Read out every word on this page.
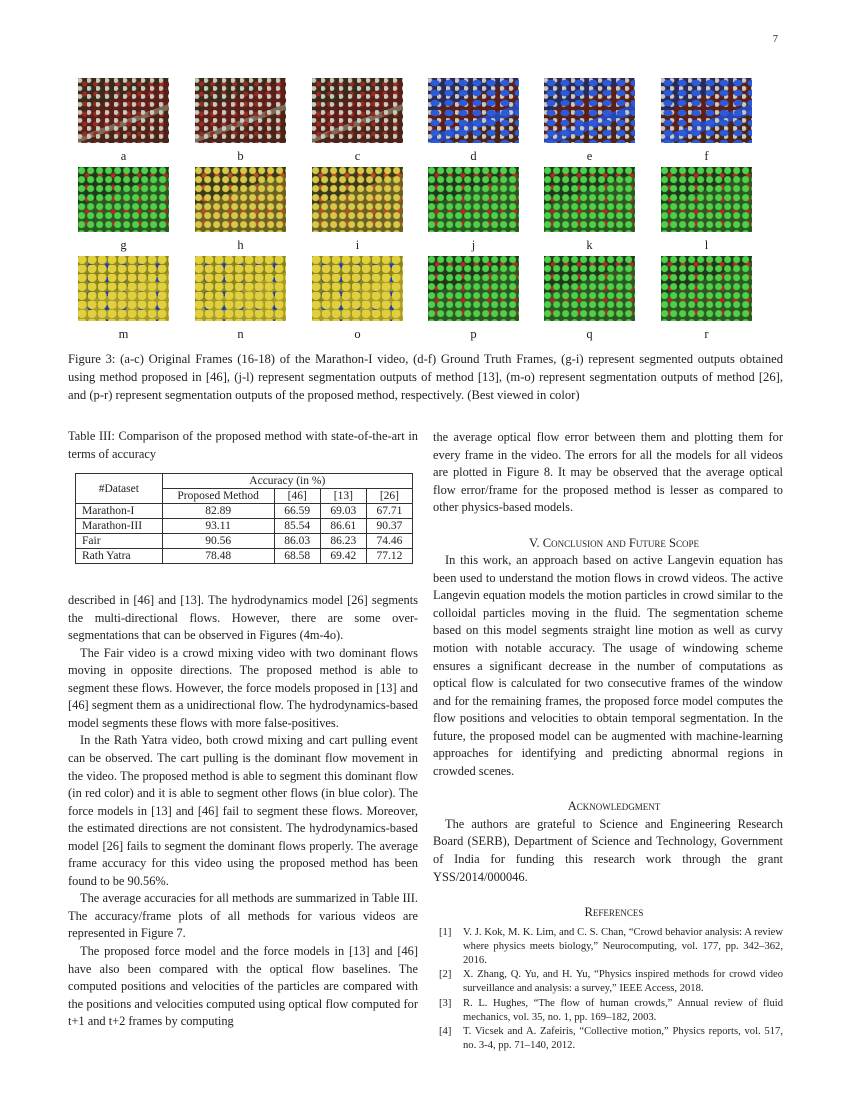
7
a	b	c	d	e	f
g	h	i	j	k	l
m	n	o	p	q	r
Figure 3: (a-c) Original Frames (16-18) of the Marathon-I video, (d-f) Ground Truth Frames, (g-i) represent segmented outputs obtained using method proposed in [46], (j-l) represent segmentation outputs of method [13], (m-o) represent segmentation outputs of method [26], and (p-r) represent segmentation outputs of the proposed method, respectively. (Best viewed in color)

Table III: Comparison of the proposed method with state-of-the-art in terms of accuracy

#Dataset	Accuracy (in %)			
	Proposed Method	[46]	[13]	[26]
Marathon-I	82.89	66.59	69.03	67.71
Marathon-III	93.11	85.54	86.61	90.37
Fair	90.56	86.03	86.23	74.46
Rath Yatra	78.48	68.58	69.42	77.12

described in [46] and [13]. The hydrodynamics model [26] segments the multi-directional flows. However, there are some over-segmentations that can be observed in Figures (4m-4o).

The Fair video is a crowd mixing video with two dominant flows moving in opposite directions. The proposed method is able to segment these flows. However, the force models proposed in [13] and [46] segment them as a unidirectional flow. The hydrodynamics-based model segments these flows with more false-positives.

In the Rath Yatra video, both crowd mixing and cart pulling event can be observed. The cart pulling is the dominant flow movement in the video. The proposed method is able to segment this dominant flow (in red color) and it is able to segment other flows (in blue color). The force models in [13] and [46] fail to segment these flows. Moreover, the estimated directions are not consistent. The hydrodynamics-based model [26] fails to segment the dominant flows properly. The average frame accuracy for this video using the proposed method has been found to be 90.56%.

The average accuracies for all methods are summarized in Table III. The accuracy/frame plots of all methods for various videos are represented in Figure 7.

The proposed force model and the force models in [13] and [46] have also been compared with the optical flow baselines. The computed positions and velocities of the particles are compared with the positions and velocities computed using optical flow computed for t+1 and t+2 frames by computing

the average optical flow error between them and plotting them for every frame in the video. The errors for all the models for all videos are plotted in Figure 8. It may be observed that the average optical flow error/frame for the proposed method is lesser as compared to other physics-based models.

V. Conclusion and Future Scope

In this work, an approach based on active Langevin equation has been used to understand the motion flows in crowd videos. The active Langevin equation models the motion particles in crowd similar to the colloidal particles moving in the fluid. The segmentation scheme based on this model segments straight line motion as well as curvy motion with notable accuracy. The usage of windowing scheme ensures a significant decrease in the number of computations as optical flow is calculated for two consecutive frames of the window and for the remaining frames, the proposed force model computes the flow positions and velocities to obtain temporal segmentation. In the future, the proposed model can be augmented with machine-learning approaches for identifying and predicting abnormal regions in crowded scenes.

Acknowledgment

The authors are grateful to Science and Engineering Research Board (SERB), Department of Science and Technology, Government of India for funding this research work through the grant YSS/2014/000046.

References

[1]	V. J. Kok, M. K. Lim, and C. S. Chan, “Crowd behavior analysis: A review where physics meets biology,” Neurocomputing, vol. 177, pp. 342–362, 2016.
[2]	X. Zhang, Q. Yu, and H. Yu, “Physics inspired methods for crowd video surveillance and analysis: a survey,” IEEE Access, 2018.
[3]	R. L. Hughes, “The flow of human crowds,” Annual review of fluid mechanics, vol. 35, no. 1, pp. 169–182, 2003.
[4]	T. Vicsek and A. Zafeiris, “Collective motion,” Physics reports, vol. 517, no. 3-4, pp. 71–140, 2012.
